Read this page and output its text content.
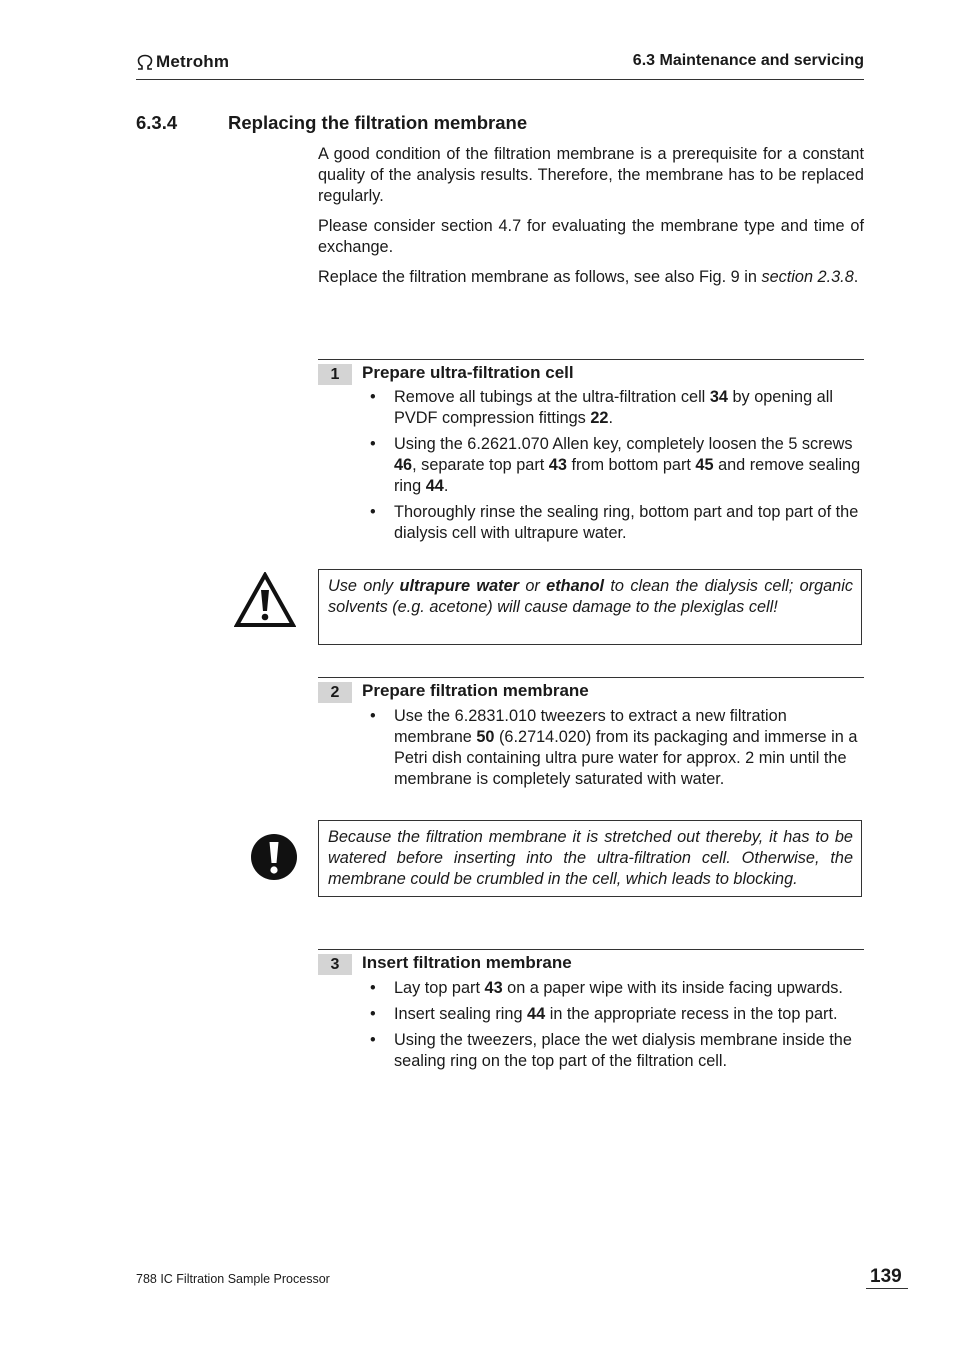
Metrohm	6.3 Maintenance and servicing
6.3.4	Replacing the filtration membrane
A good condition of the filtration membrane is a prerequisite for a constant quality of the analysis results. Therefore, the membrane has to be replaced regularly.
Please consider section 4.7 for evaluating the membrane type and time of exchange.
Replace the filtration membrane as follows, see also Fig. 9 in section 2.3.8.
1	Prepare ultra-filtration cell
• Remove all tubings at the ultra-filtration cell 34 by opening all PVDF compression fittings 22.
• Using the 6.2621.070 Allen key, completely loosen the 5 screws 46, separate top part 43 from bottom part 45 and remove sealing ring 44.
• Thoroughly rinse the sealing ring, bottom part and top part of the dialysis cell with ultrapure water.
Use only ultrapure water or ethanol to clean the dialysis cell; organic solvents (e.g. acetone) will cause damage to the plexiglas cell!
2	Prepare filtration membrane
• Use the 6.2831.010 tweezers to extract a new filtration membrane 50 (6.2714.020) from its packaging and immerse in a Petri dish containing ultra pure water for approx. 2 min until the membrane is completely saturated with water.
Because the filtration membrane it is stretched out thereby, it has to be watered before inserting into the ultra-filtration cell. Otherwise, the membrane could be crumbled in the cell, which leads to blocking.
3	Insert filtration membrane
• Lay top part 43 on a paper wipe with its inside facing upwards.
• Insert sealing ring 44 in the appropriate recess in the top part.
• Using the tweezers, place the wet dialysis membrane inside the sealing ring on the top part of the filtration cell.
788 IC Filtration Sample Processor	139
